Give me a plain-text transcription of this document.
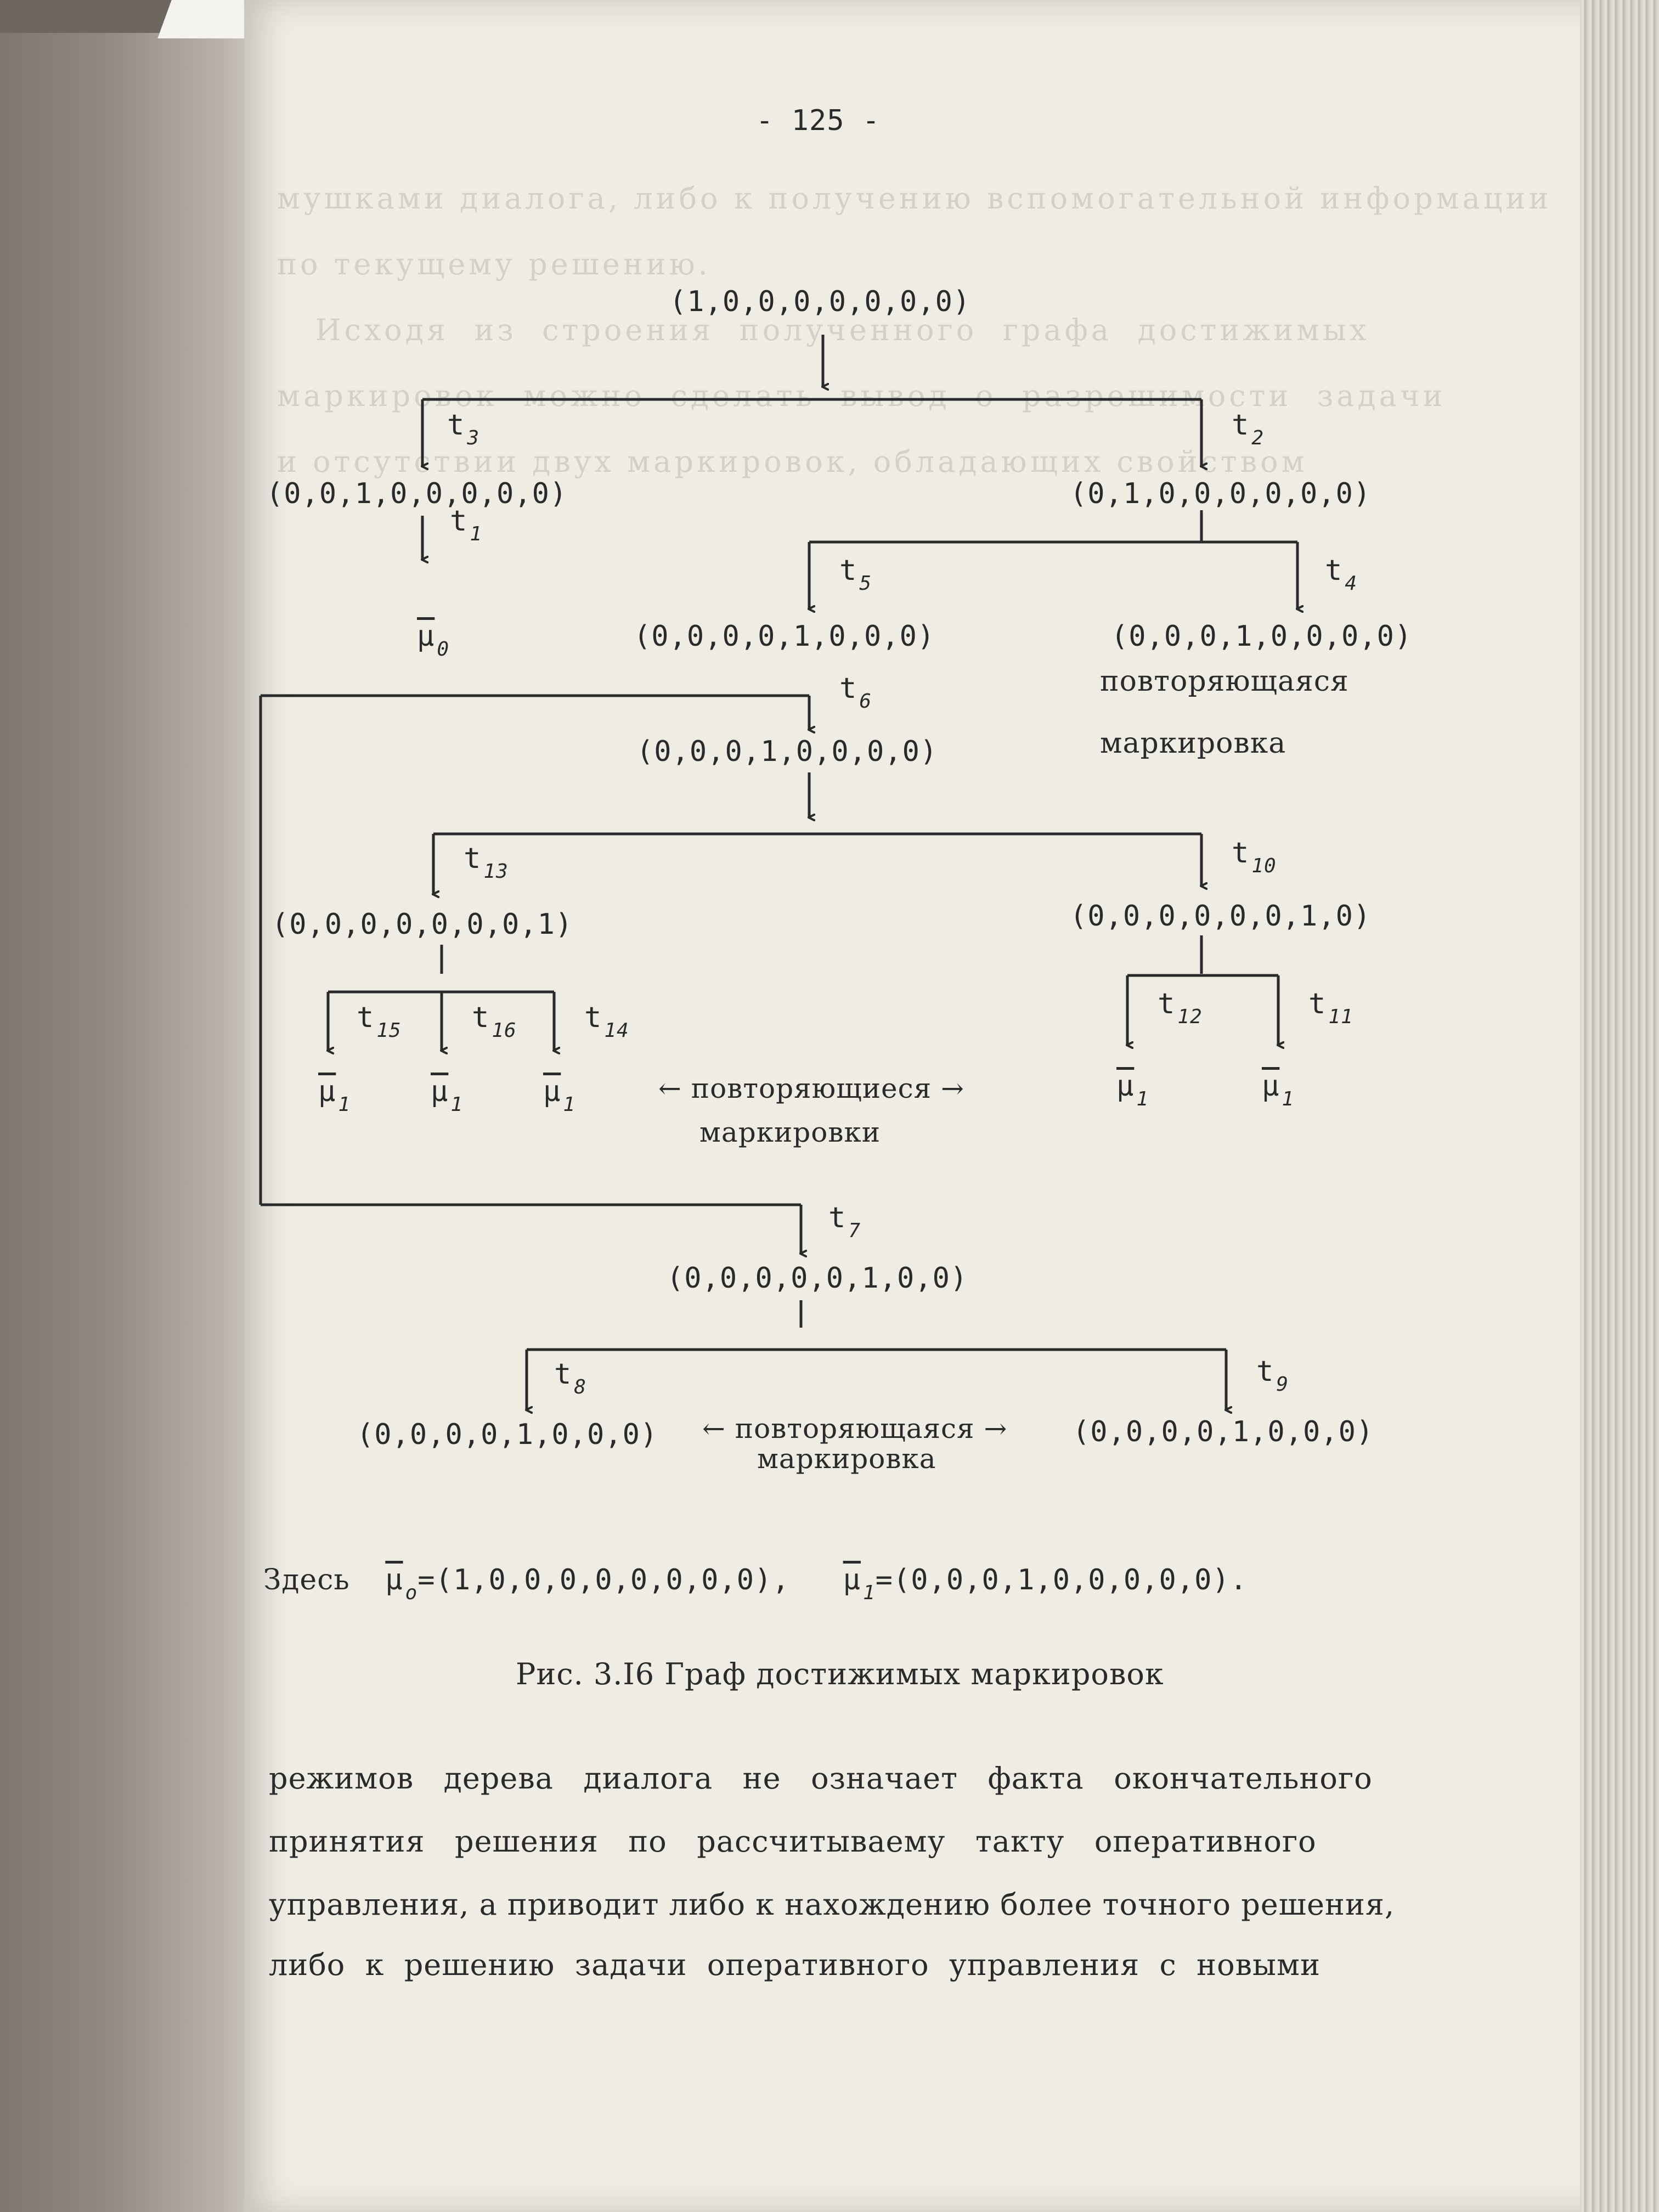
мушками диалога, либо к получению вспомогательной информации
по текущему решению.
Исходя  из  строения  полученного  графа  достижимых
маркировок  можно  сделать  вывод  о  разрешимости  задачи
и отсутствии двух маркировок, обладающих свойством
- 125 -
(1,0,0,0,0,0,0,0)
t $_3$	t $_2$
(0,0,1,0,0,0,0,0)	(0,1,0,0,0,0,0,0)
t $_1$
$\overline{\mu}$ $_0$
t $_5$	t $_4$
(0,0,0,0,1,0,0,0)	(0,0,0,1,0,0,0,0)
повторяющаяся
маркировка
t $_6$
(0,0,0,1,0,0,0,0)
t $_{13}$
t $_{10}$
(0,0,0,0,0,0,0,1)	(0,0,0,0,0,0,1,0)
t $_{15}$ t $_{16}$ t $_{14}$
t $_{12}$	t $_{11}$
$\overline{\mu}$ $_1$	$\overline{\mu}$ $_1$	$\overline{\mu}$ $_1$
$\overline{\mu}$ $_1$	$\overline{\mu}$ $_1$
← повторяющиеся →
маркировки
t $_7$
(0,0,0,0,0,1,0,0)
t $_8$	t $_9$
(0,0,0,0,1,0,0,0)	(0,0,0,0,1,0,0,0)
← повторяющаяся →
маркировка
Здесь $\overline{\mu}$ $_o$=(1,0,0,0,0,0,0,0,0), $\overline{\mu}$ $_1$=(0,0,0,1,0,0,0,0,0).
Рис. 3.I6 Граф достижимых маркировок
режимов   дерева   диалога   не   означает   факта   окончательного
принятия   решения   по   рассчитываему   такту   оперативного
управления, а приводит либо к нахождению более точного решения,
либо  к  решению  задачи  оперативного  управления  с  новыми
